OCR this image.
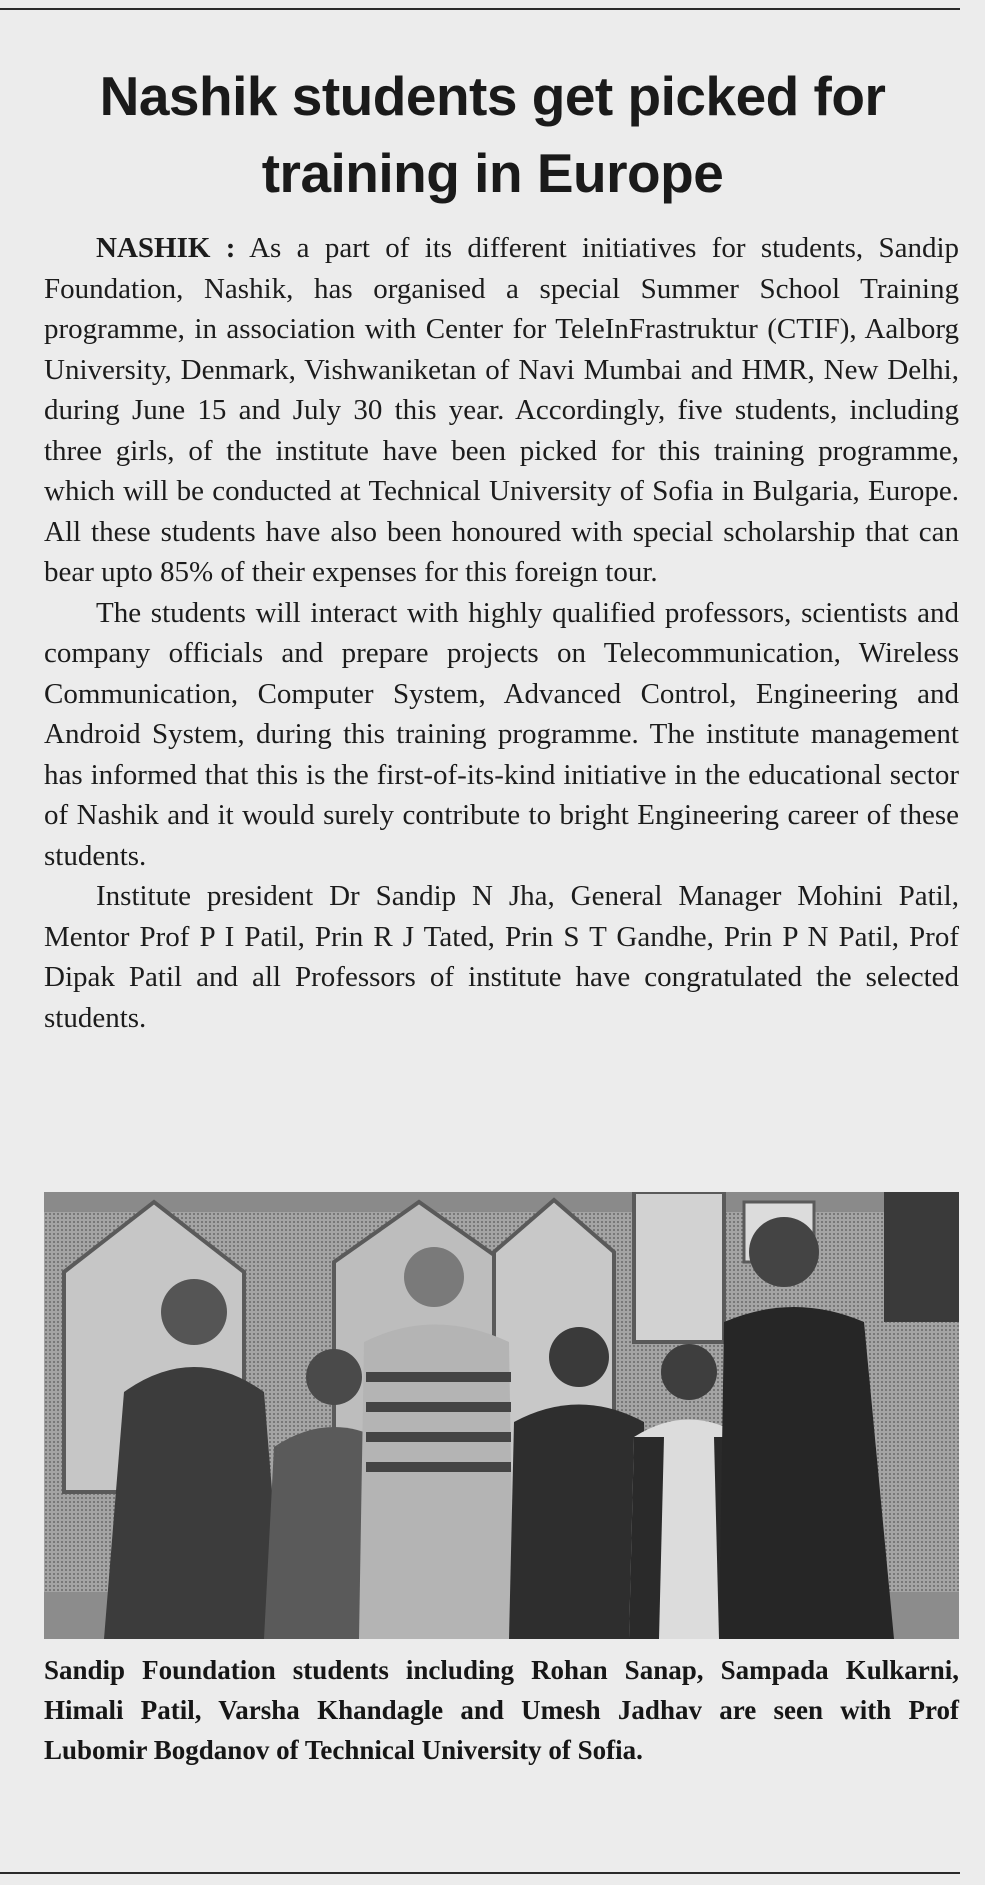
Nashik students get picked for training in Europe

NASHIK : As a part of its different initiatives for students, Sandip Foundation, Nashik, has organised a special Summer School Training programme, in association with Center for TeleInFrastruktur (CTIF), Aalborg University, Denmark, Vishwaniketan of Navi Mumbai and HMR, New Delhi, during June 15 and July 30 this year. Accordingly, five students, including three girls, of the institute have been picked for this training programme, which will be conducted at Technical University of Sofia in Bulgaria, Europe. All these students have also been honoured with special scholarship that can bear upto 85% of their expenses for this foreign tour.

The students will interact with highly qualified professors, scientists and company officials and prepare projects on Telecommunication, Wireless Communication, Computer System, Advanced Control, Engineering and Android System, during this training programme. The institute management has informed that this is the first-of-its-kind initiative in the educational sector of Nashik and it would surely contribute to bright Engineering career of these students.

Institute president Dr Sandip N Jha, General Manager Mohini Patil, Mentor Prof P I Patil, Prin R J Tated, Prin S T Gandhe, Prin P N Patil, Prof Dipak Patil and all Professors of institute have congratulated the selected students.

Sandip Foundation students including Rohan Sanap, Sampada Kulkarni, Himali Patil, Varsha Khandagle and Umesh Jadhav are seen with Prof Lubomir Bogdanov of Technical University of Sofia.
